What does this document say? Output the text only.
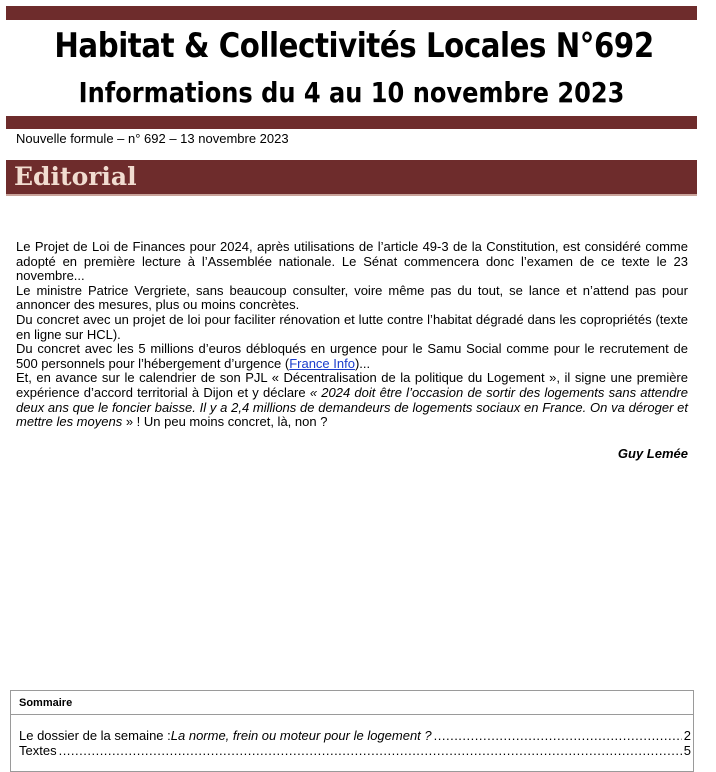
Habitat & Collectivités Locales N°692
Informations du 4 au 10 novembre 2023
Nouvelle formule – n° 692 – 13 novembre 2023
Editorial

Le Projet de Loi de Finances pour 2024, après utilisations de l’article 49-3 de la Constitution, est considéré comme adopté en première lecture à l’Assemblée nationale. Le Sénat commencera donc l’examen de ce texte le 23 novembre...

Le ministre Patrice Vergriete, sans beaucoup consulter, voire même pas du tout, se lance et n’attend pas pour annoncer des mesures, plus ou moins concrètes.

Du concret avec un projet de loi pour faciliter rénovation et lutte contre l’habitat dégradé dans les copropriétés (texte en ligne sur HCL).

Du concret avec les 5 millions d’euros débloqués en urgence pour le Samu Social comme pour le recrutement de 500 personnels pour l’hébergement d’urgence (France Info)...

Et, en avance sur le calendrier de son PJL « Décentralisation de la politique du Logement », il signe une première expérience d’accord territorial à Dijon et y déclare « 2024 doit être l’occasion de sortir des logements sans attendre deux ans que le foncier baisse. Il y a 2,4 millions de demandeurs de logements sociaux en France. On va déroger et mettre les moyens » ! Un peu moins concret, là, non ?

Guy Lemée
Sommaire
Le dossier de la semaine : La norme, frein ou moteur pour le logement ? .....	2
Textes .....	5
